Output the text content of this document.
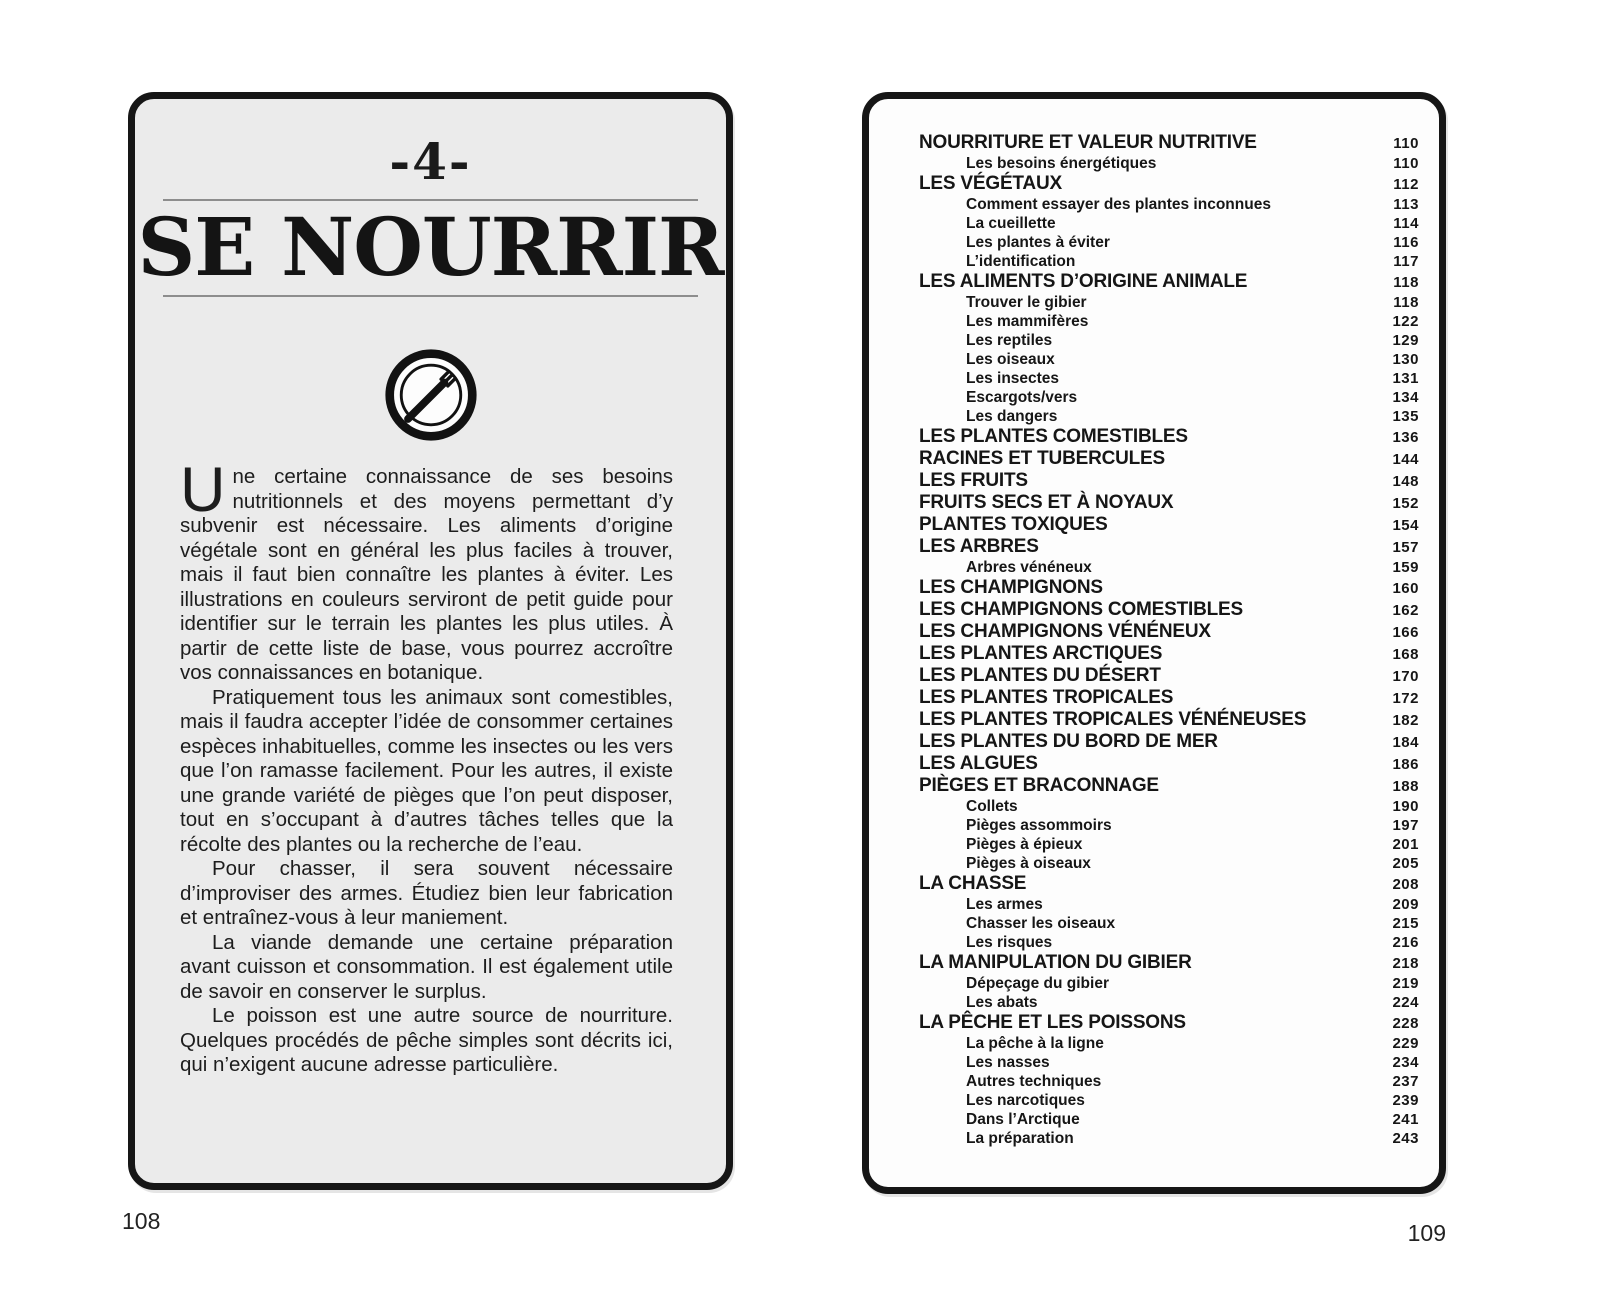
-4-
SE NOURRIR

Une certaine connaissance de ses besoins nutritionnels et des moyens permettant d’y subvenir est nécessaire. Les aliments d’origine végétale sont en général les plus faciles à trouver, mais il faut bien connaître les plantes à éviter. Les illustrations en couleurs serviront de petit guide pour identifier sur le terrain les plantes les plus utiles. À partir de cette liste de base, vous pourrez accroître vos connaissances en botanique.

Pratiquement tous les animaux sont comestibles, mais il faudra accepter l’idée de consommer certaines espèces inhabituelles, comme les insectes ou les vers que l’on ramasse facilement. Pour les autres, il existe une grande variété de pièges que l’on peut disposer, tout en s’occupant à d’autres tâches telles que la récolte des plantes ou la recherche de l’eau.

Pour chasser, il sera souvent nécessaire d’improviser des armes. Étudiez bien leur fabrication et entraînez-vous à leur maniement.

La viande demande une certaine préparation avant cuisson et consommation. Il est également utile de savoir en conserver le surplus.

Le poisson est une autre source de nourriture. Quelques procédés de pêche simples sont décrits ici, qui n’exigent aucune adresse particulière.

NOURRITURE ET VALEUR NUTRITIVE	110
Les besoins énergétiques	110
LES VÉGÉTAUX	112
Comment essayer des plantes inconnues	113
La cueillette	114
Les plantes à éviter	116
L’identification	117
LES ALIMENTS D’ORIGINE ANIMALE	118
Trouver le gibier	118
Les mammifères	122
Les reptiles	129
Les oiseaux	130
Les insectes	131
Escargots/vers	134
Les dangers	135
LES PLANTES COMESTIBLES	136
RACINES ET TUBERCULES	144
LES FRUITS	148
FRUITS SECS ET À NOYAUX	152
PLANTES TOXIQUES	154
LES ARBRES	157
Arbres vénéneux	159
LES CHAMPIGNONS	160
LES CHAMPIGNONS COMESTIBLES	162
LES CHAMPIGNONS VÉNÉNEUX	166
LES PLANTES ARCTIQUES	168
LES PLANTES DU DÉSERT	170
LES PLANTES TROPICALES	172
LES PLANTES TROPICALES VÉNÉNEUSES	182
LES PLANTES DU BORD DE MER	184
LES ALGUES	186
PIÈGES ET BRACONNAGE	188
Collets	190
Pièges assommoirs	197
Pièges à épieux	201
Pièges à oiseaux	205
LA CHASSE	208
Les armes	209
Chasser les oiseaux	215
Les risques	216
LA MANIPULATION DU GIBIER	218
Dépeçage du gibier	219
Les abats	224
LA PÊCHE ET LES POISSONS	228
La pêche à la ligne	229
Les nasses	234
Autres techniques	237
Les narcotiques	239
Dans l’Arctique	241
La préparation	243
108	109
